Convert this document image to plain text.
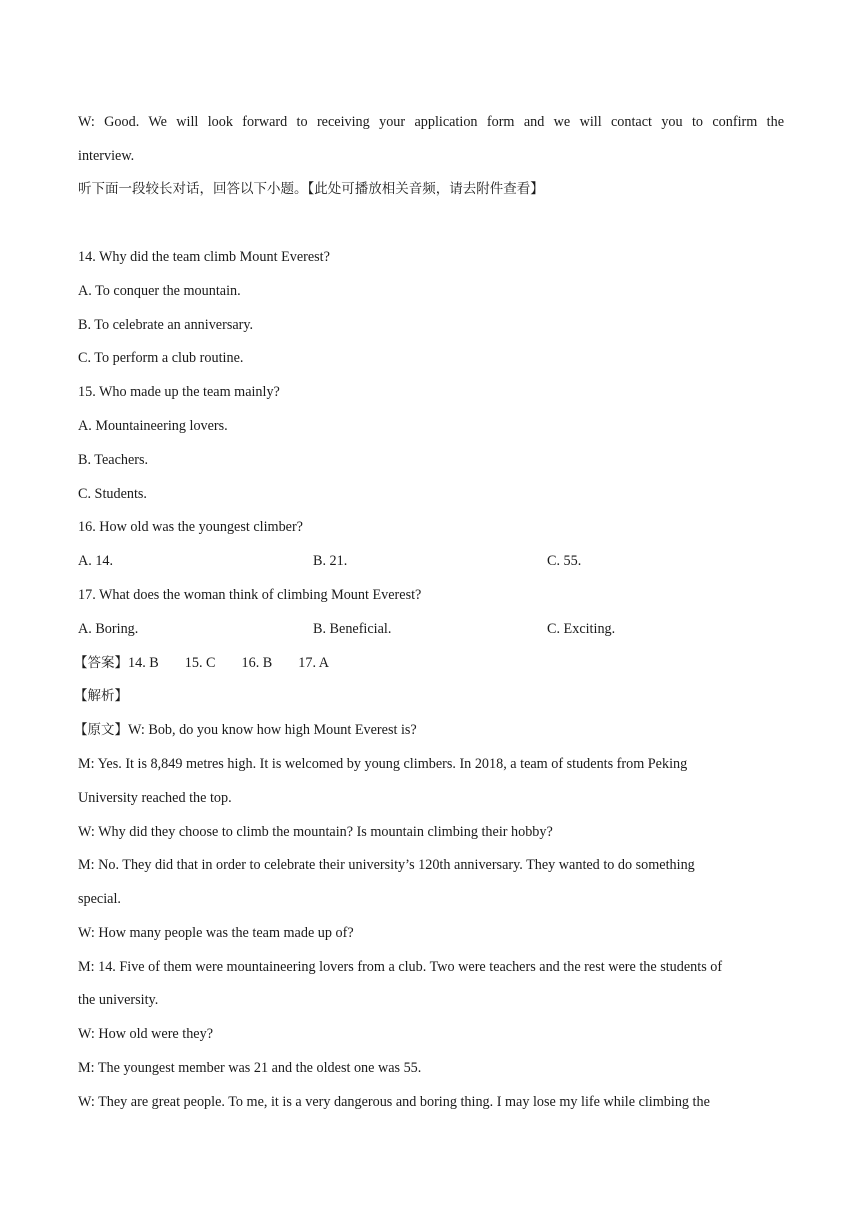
W: Good. We will look forward to receiving your application form and we will contact you to confirm the
interview.
听下面一段较长对话，回答以下小题。【此处可播放相关音频，请去附件查看】
14. Why did the team climb Mount Everest?
A. To conquer the mountain.
B. To celebrate an anniversary.
C. To perform a club routine.
15. Who made up the team mainly?
A. Mountaineering lovers.
B. Teachers.
C. Students.
16. How old was the youngest climber?
A. 14.	B. 21.	C. 55.
17. What does the woman think of climbing Mount Everest?
A. Boring.	B. Beneficial.	C. Exciting.
【答案】14. B 15. C 16. B 17. A
【解析】
【原文】W: Bob, do you know how high Mount Everest is?
M: Yes. It is 8,849 metres high. It is welcomed by young climbers. In 2018, a team of students from Peking
University reached the top.
W: Why did they choose to climb the mountain? Is mountain climbing their hobby?
M: No. They did that in order to celebrate their university’s 120th anniversary. They wanted to do something
special.
W: How many people was the team made up of?
M: 14. Five of them were mountaineering lovers from a club. Two were teachers and the rest were the students of
the university.
W: How old were they?
M: The youngest member was 21 and the oldest one was 55.
W: They are great people. To me, it is a very dangerous and boring thing. I may lose my life while climbing the
